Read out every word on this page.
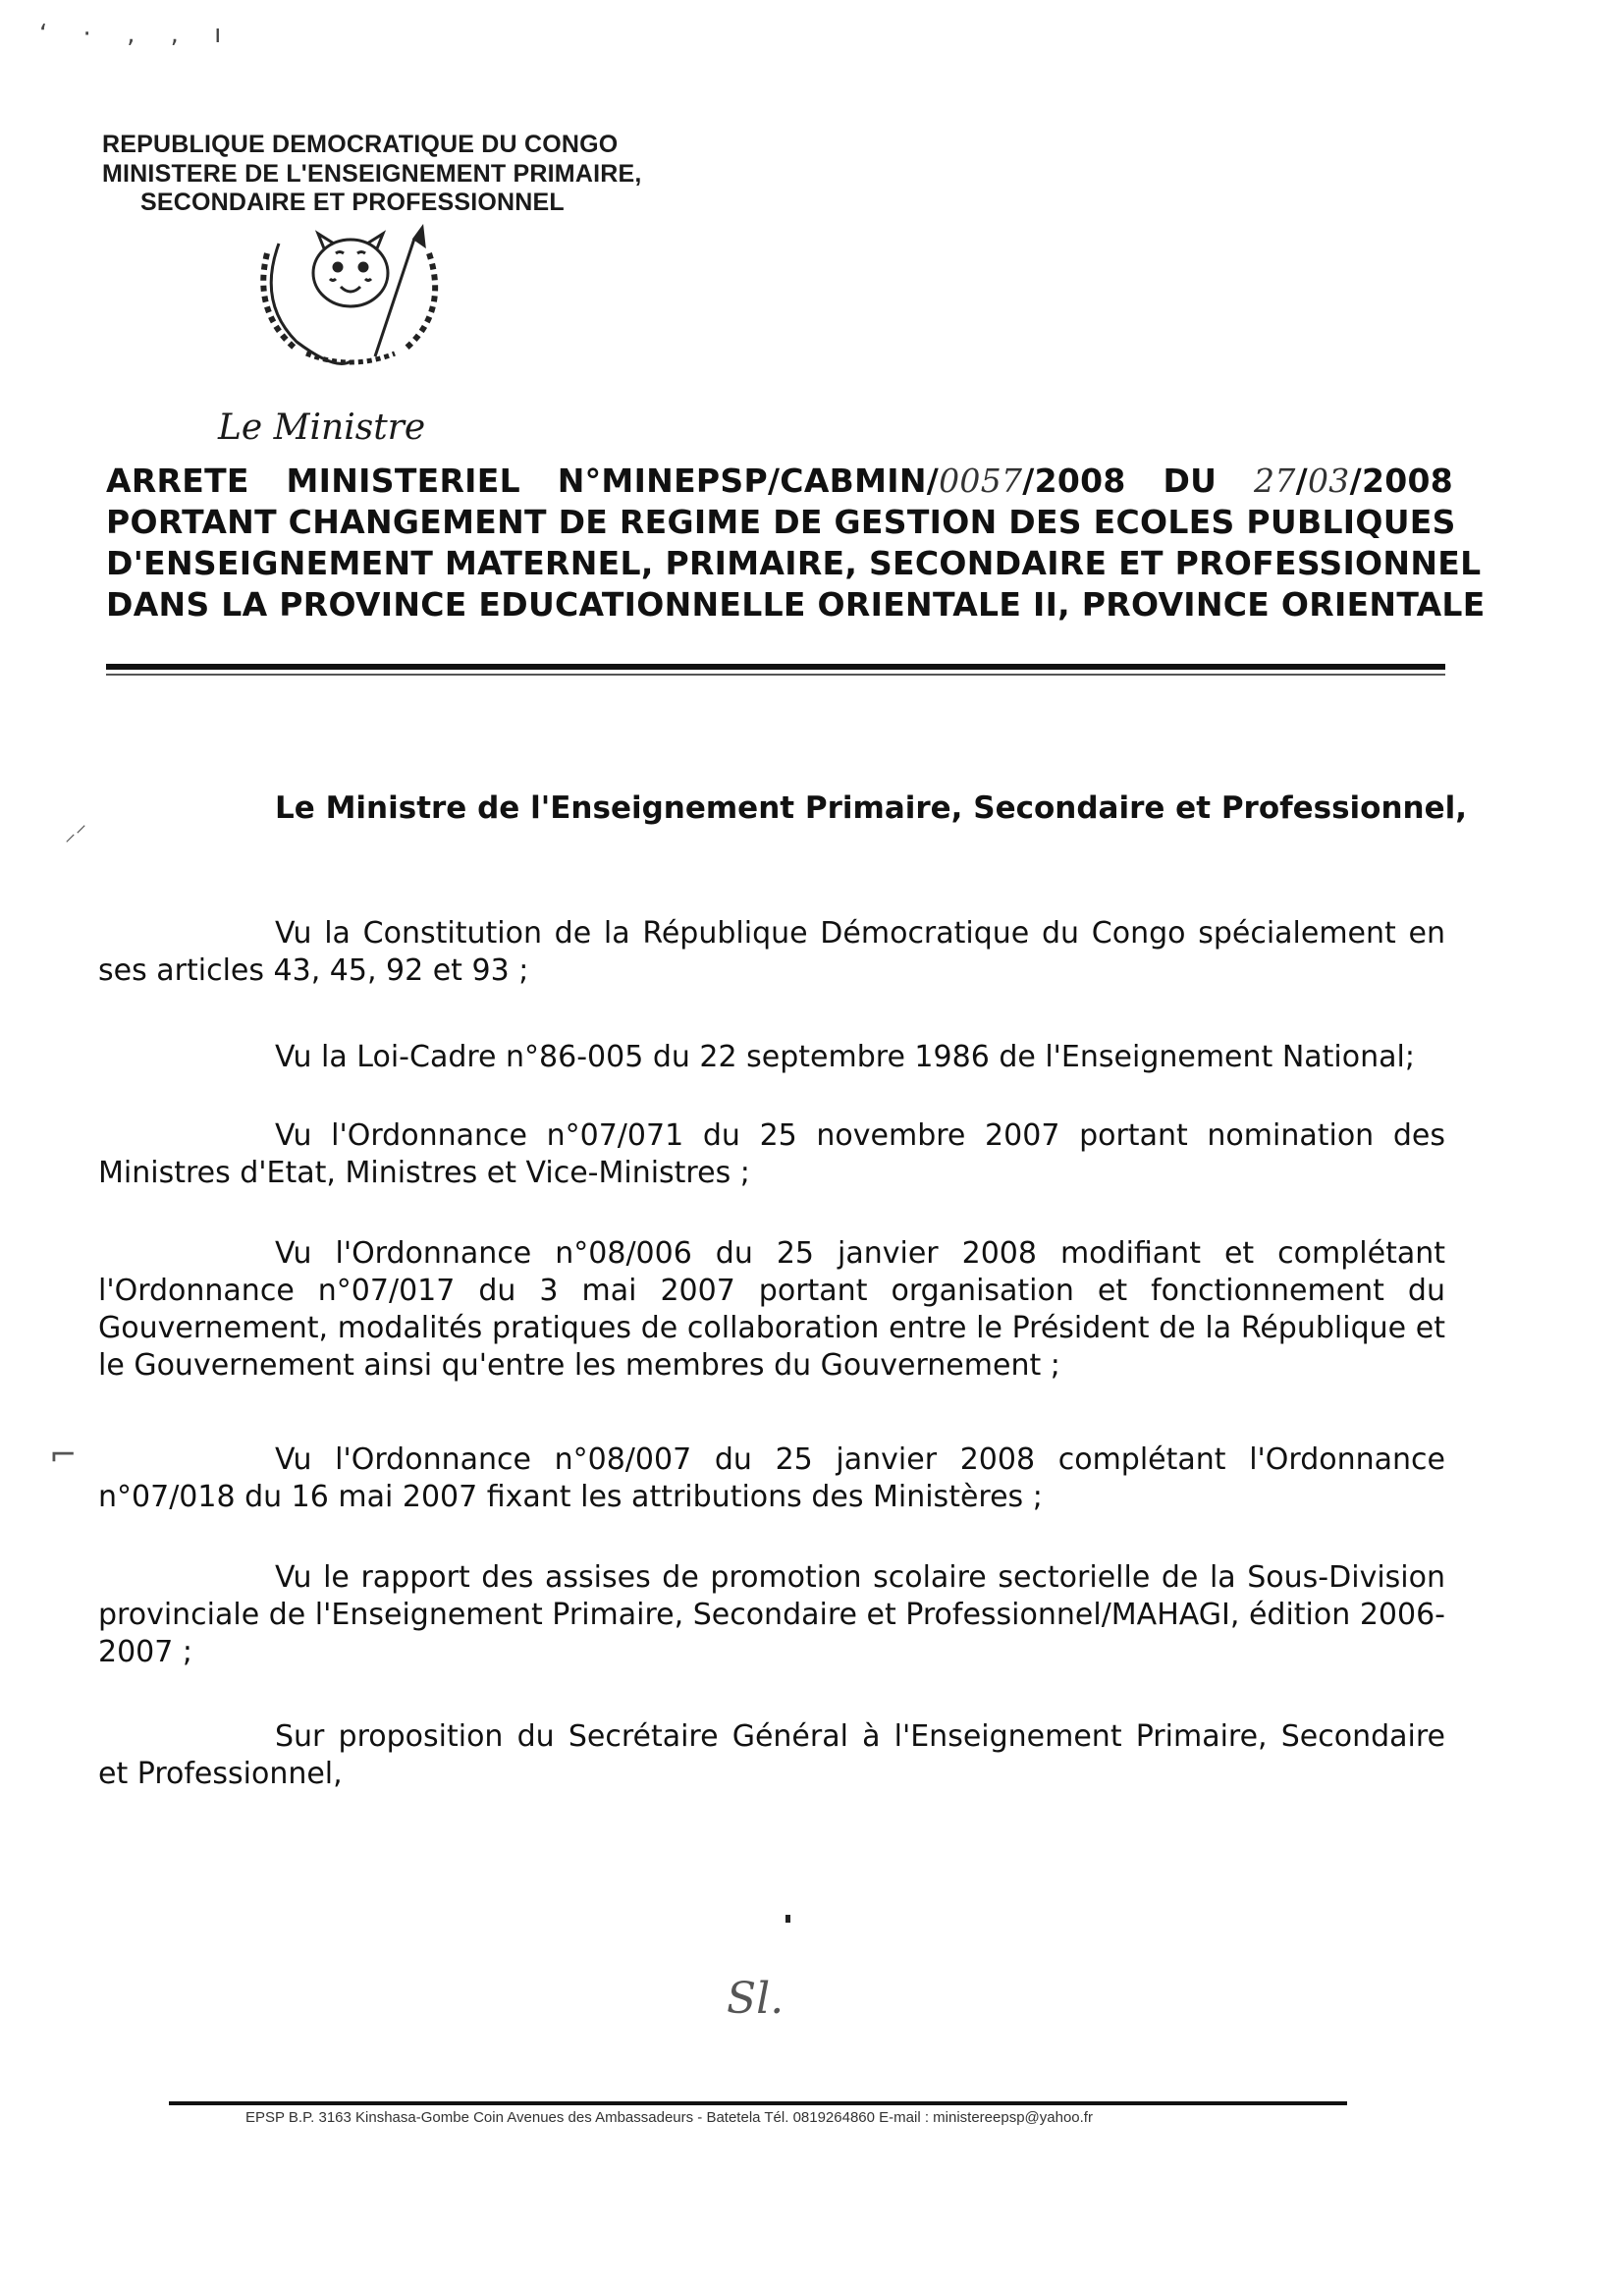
‘ · ‚ , ı
REPUBLIQUE DEMOCRATIQUE DU CONGO
MINISTERE DE L'ENSEIGNEMENT PRIMAIRE,
SECONDAIRE ET PROFESSIONNEL
Le Ministre
ARRETE MINISTERIEL N°MINEPSP/CABMIN/0057/2008 DU 27/03/2008
PORTANT CHANGEMENT DE REGIME DE GESTION DES ECOLES PUBLIQUES
D'ENSEIGNEMENT MATERNEL, PRIMAIRE, SECONDAIRE ET PROFESSIONNEL
DANS LA PROVINCE EDUCATIONNELLE ORIENTALE II, PROVINCE ORIENTALE
⸝⸍
Le Ministre de l'Enseignement Primaire, Secondaire et Professionnel,
Vu la Constitution de la République Démocratique du Congo spécialement en ses articles 43, 45, 92 et 93 ;
Vu la Loi-Cadre n°86-005 du 22 septembre 1986 de l'Enseignement National;
Vu l'Ordonnance n°07/071 du 25 novembre 2007 portant nomination des Ministres d'Etat, Ministres et Vice-Ministres ;
Vu l'Ordonnance n°08/006 du 25 janvier 2008 modifiant et complétant l'Ordonnance n°07/017 du 3 mai 2007 portant organisation et fonctionnement du Gouvernement, modalités pratiques de collaboration entre le Président de la République et le Gouvernement ainsi qu'entre les membres du Gouvernement ;
⌐	Vu l'Ordonnance n°08/007 du 25 janvier 2008 complétant l'Ordonnance n°07/018 du 16 mai 2007 fixant les attributions des Ministères ;
Vu le rapport des assises de promotion scolaire sectorielle de la Sous-Division provinciale de l'Enseignement Primaire, Secondaire et Professionnel/MAHAGI, édition 2006-2007 ;
Sur proposition du Secrétaire Général à l'Enseignement Primaire, Secondaire et Professionnel,
Sl.
EPSP B.P. 3163 Kinshasa-Gombe Coin Avenues des Ambassadeurs - Batetela Tél. 0819264860 E-mail : ministereepsp@yahoo.fr
